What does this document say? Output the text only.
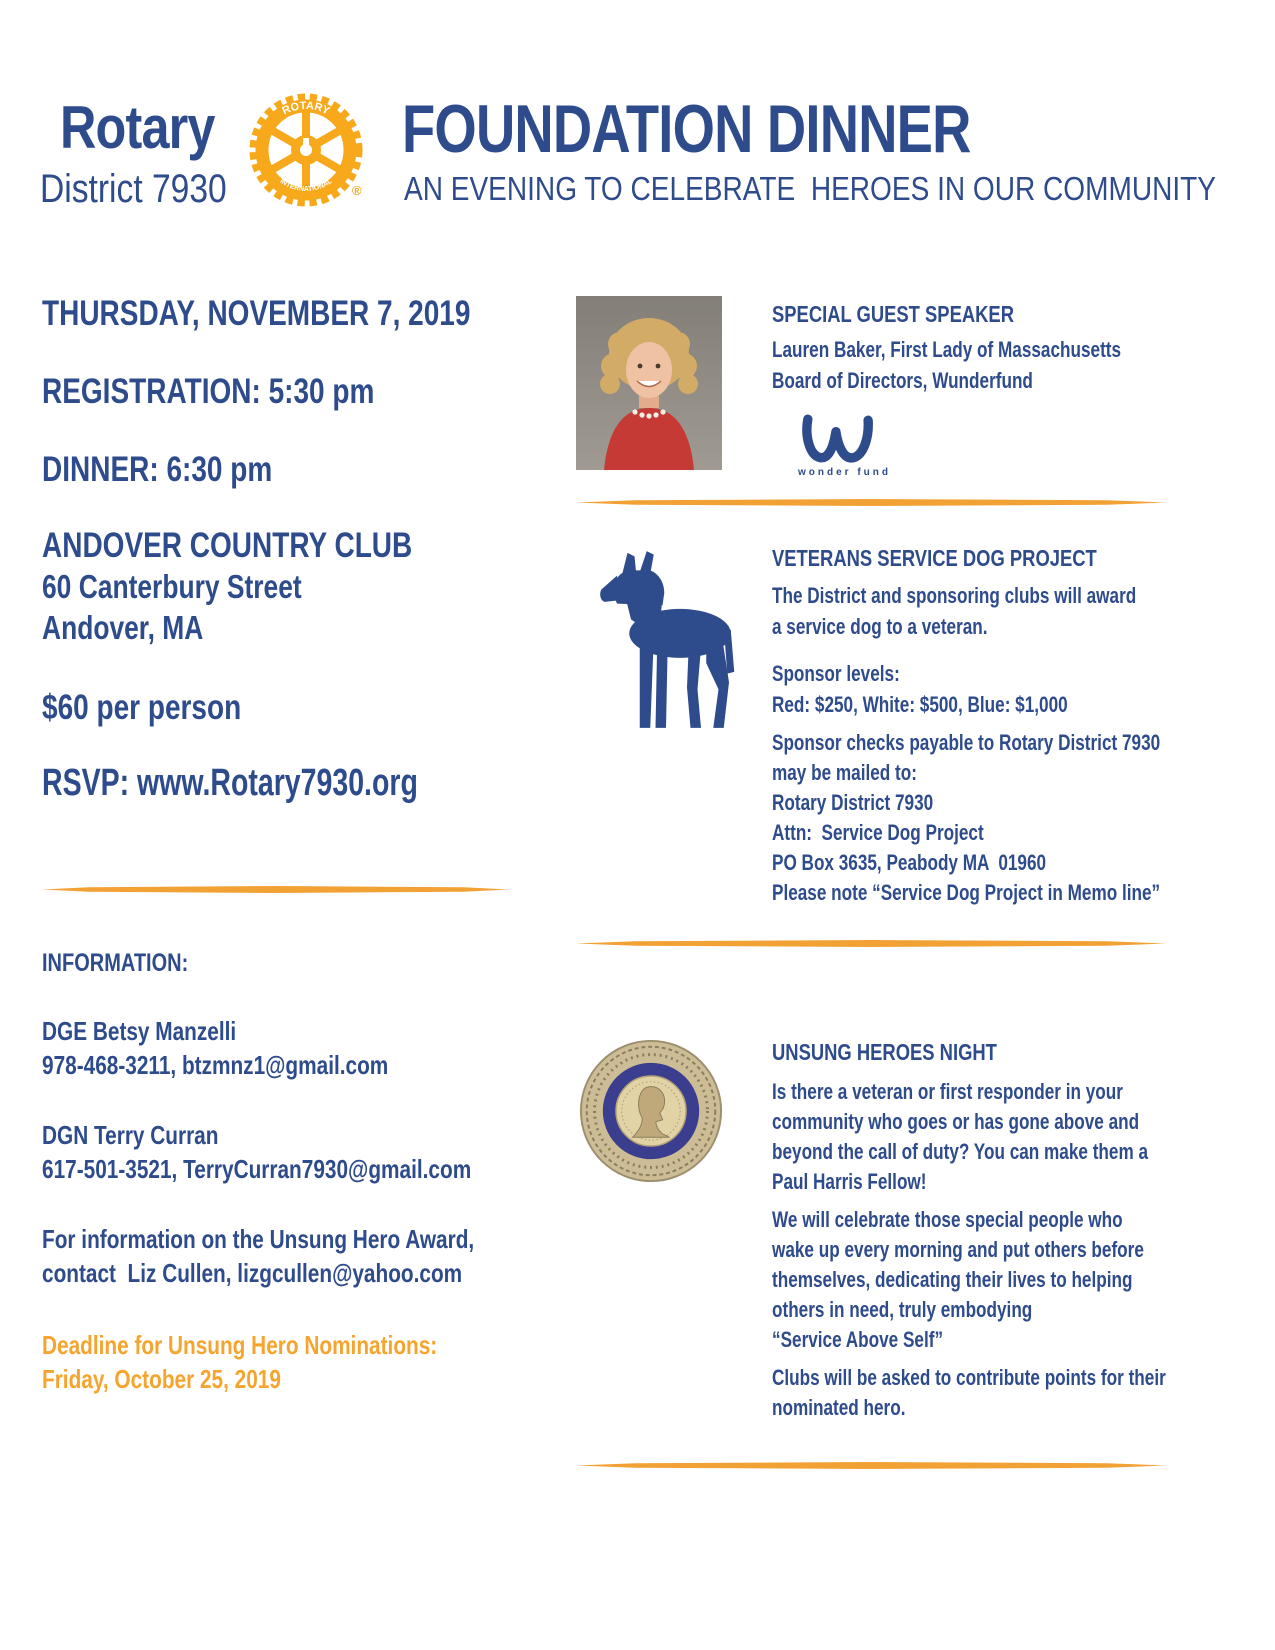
Rotary
District 7930
ROTARY
INTERNATIONAL
®
FOUNDATION DINNER
AN EVENING TO CELEBRATE  HEROES IN OUR COMMUNITY
THURSDAY, NOVEMBER 7, 2019
REGISTRATION: 5:30 pm
DINNER: 6:30 pm
ANDOVER COUNTRY CLUB
60 Canterbury Street
Andover, MA
$60 per person
RSVP: www.Rotary7930.org
INFORMATION:
DGE Betsy Manzelli
978-468-3211, btzmnz1@gmail.com
DGN Terry Curran
617-501-3521, TerryCurran7930@gmail.com
For information on the Unsung Hero Award,
contact  Liz Cullen, lizgcullen@yahoo.com
Deadline for Unsung Hero Nominations:
Friday, October 25, 2019
SPECIAL GUEST SPEAKER
Lauren Baker, First Lady of Massachusetts
Board of Directors, Wunderfund
wonder fund
VETERANS SERVICE DOG PROJECT
The District and sponsoring clubs will award
a service dog to a veteran.
Sponsor levels:
Red: $250, White: $500, Blue: $1,000
Sponsor checks payable to Rotary District 7930
may be mailed to:
Rotary District 7930
Attn:  Service Dog Project
PO Box 3635, Peabody MA  01960
Please note “Service Dog Project in Memo line”
UNSUNG HEROES NIGHT
Is there a veteran or first responder in your
community who goes or has gone above and
beyond the call of duty? You can make them a
Paul Harris Fellow!
We will celebrate those special people who
wake up every morning and put others before
themselves, dedicating their lives to helping
others in need, truly embodying
“Service Above Self”
Clubs will be asked to contribute points for their
nominated hero.
